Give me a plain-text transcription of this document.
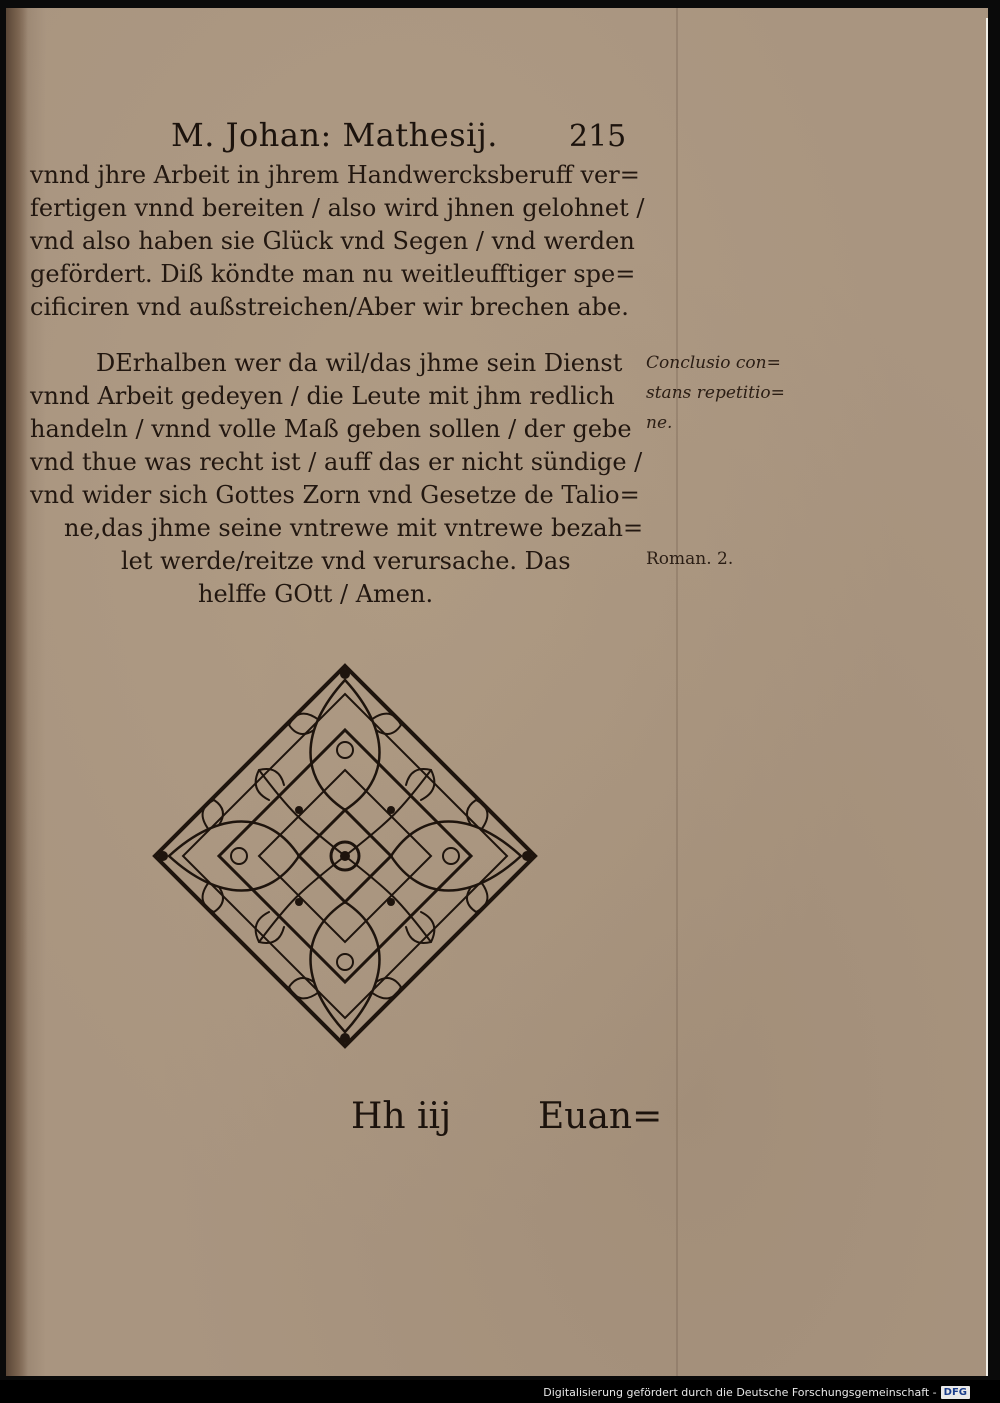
M. Johan: Mathesij. 215
vnnd jhre Arbeit in jhrem Handwercksberuff ver=
fertigen vnnd bereiten / also wird jhnen gelohnet /
vnd also haben sie Glück vnd Segen / vnd werden
gefördert. Diß köndte man nu weitleufftiger spe=
cificiren vnd außstreichen/Aber wir brechen abe.
DErhalben wer da wil/das jhme sein Dienst
vnnd Arbeit gedeyen / die Leute mit jhm redlich
handeln / vnnd volle Maß geben sollen / der gebe
vnd thue was recht ist / auff das er nicht sündige /
vnd wider sich Gottes Zorn vnd Gesetze de Talio=
ne,das jhme seine vntrewe mit vntrewe bezah=
let werde/reitze vnd verursache. Das
helffe GOtt / Amen.
Conclusio con=
stans repetitio=
ne.
Roman. 2.
Hh iij Euan=
Digitalisierung gefördert durch die Deutsche Forschungsgemeinschaft - DFG
